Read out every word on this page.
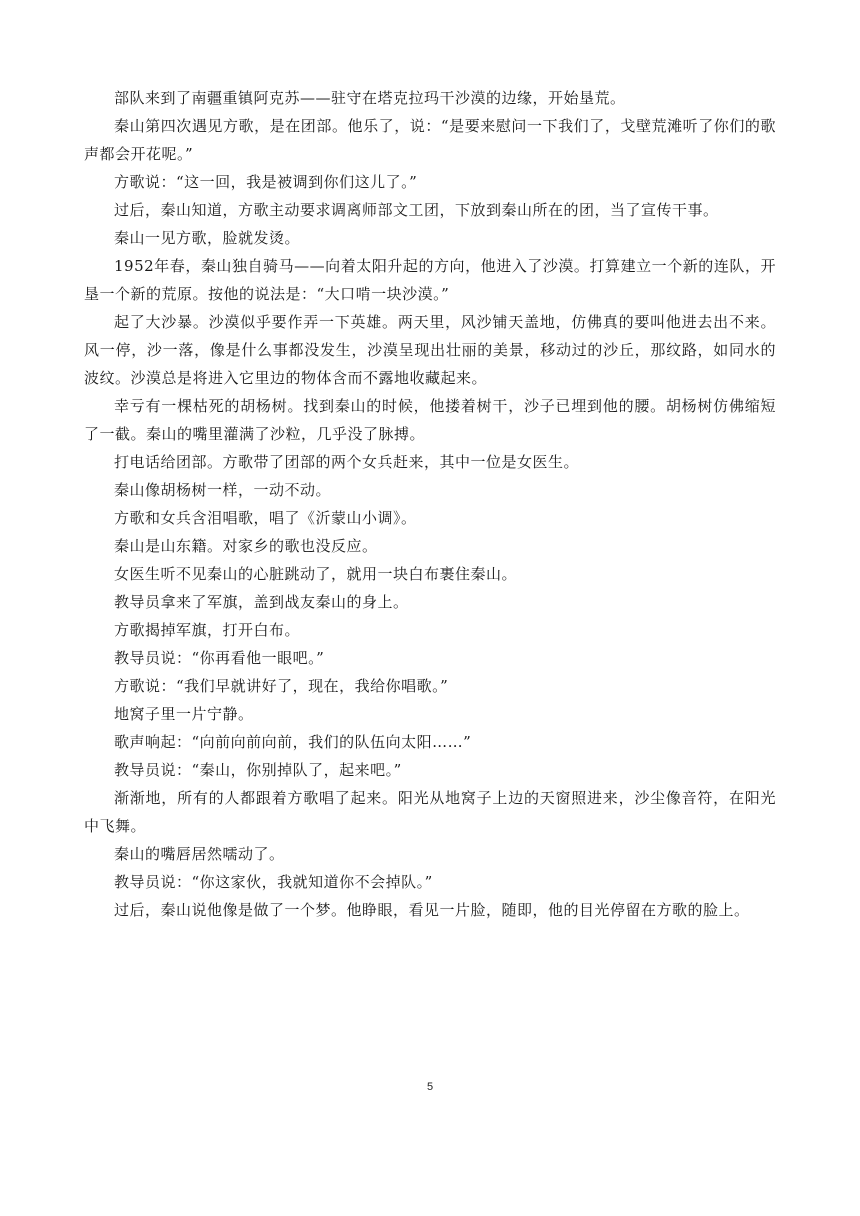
部队来到了南疆重镇阿克苏——驻守在塔克拉玛干沙漠的边缘，开始垦荒。

秦山第四次遇见方歌，是在团部。他乐了，说：“是要来慰问一下我们了，戈壁荒滩听了你们的歌声都会开花呢。”

方歌说：“这一回，我是被调到你们这儿了。”

过后，秦山知道，方歌主动要求调离师部文工团，下放到秦山所在的团，当了宣传干事。

秦山一见方歌，脸就发烫。

1952年春，秦山独自骑马——向着太阳升起的方向，他进入了沙漠。打算建立一个新的连队，开垦一个新的荒原。按他的说法是：“大口啃一块沙漠。”

起了大沙暴。沙漠似乎要作弄一下英雄。两天里，风沙铺天盖地，仿佛真的要叫他进去出不来。风一停，沙一落，像是什么事都没发生，沙漠呈现出壮丽的美景，移动过的沙丘，那纹路，如同水的波纹。沙漠总是将进入它里边的物体含而不露地收藏起来。

幸亏有一棵枯死的胡杨树。找到秦山的时候，他搂着树干，沙子已埋到他的腰。胡杨树仿佛缩短了一截。秦山的嘴里灌满了沙粒，几乎没了脉搏。

打电话给团部。方歌带了团部的两个女兵赶来，其中一位是女医生。

秦山像胡杨树一样，一动不动。

方歌和女兵含泪唱歌，唱了《沂蒙山小调》。

秦山是山东籍。对家乡的歌也没反应。

女医生听不见秦山的心脏跳动了，就用一块白布裹住秦山。

教导员拿来了军旗，盖到战友秦山的身上。

方歌揭掉军旗，打开白布。

教导员说：“你再看他一眼吧。”

方歌说：“我们早就讲好了，现在，我给你唱歌。”

地窝子里一片宁静。

歌声响起：“向前向前向前，我们的队伍向太阳……”

教导员说：“秦山，你别掉队了，起来吧。”

渐渐地，所有的人都跟着方歌唱了起来。阳光从地窝子上边的天窗照进来，沙尘像音符，在阳光中飞舞。

秦山的嘴唇居然嚅动了。

教导员说：“你这家伙，我就知道你不会掉队。”

过后，秦山说他像是做了一个梦。他睁眼，看见一片脸，随即，他的目光停留在方歌的脸上。

5
